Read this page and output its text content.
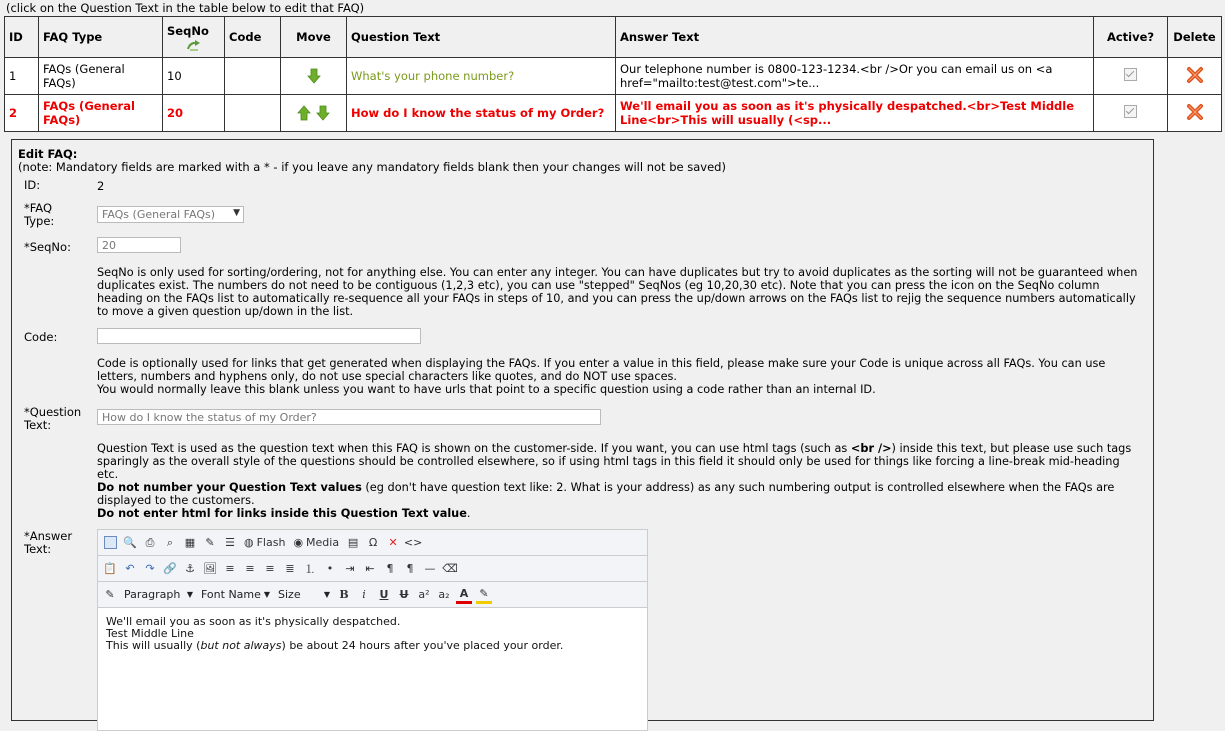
(click on the Question Text in the table below to edit that FAQ)
ID	FAQ Type	SeqNo	Code	Move	Question Text	Answer Text	Active?	Delete
1	FAQs (General FAQs)	10			What's your phone number?	Our telephone number is 0800-123-1234.<br />Or you can email us on <a href="mailto:test@test.com">te...		
2	FAQs (General FAQs)	20			How do I know the status of my Order?	We'll email you as soon as it's physically despatched.<br>Test Middle Line<br>This will usually (<sp...		
Edit FAQ:
(note: Mandatory fields are marked with a * - if you leave any mandatory fields blank then your changes will not be saved)
ID:	2
*FAQ Type:	FAQs (General FAQs) ▼
*SeqNo:	20
SeqNo is only used for sorting/ordering, not for anything else. You can enter any integer. You can have duplicates but try to avoid duplicates as the sorting will not be guaranteed when duplicates exist. The numbers do not need to be contiguous (1,2,3 etc), you can use "stepped" SeqNos (eg 10,20,30 etc). Note that you can press the icon on the SeqNo column heading on the FAQs list to automatically re-sequence all your FAQs in steps of 10, and you can press the up/down arrows on the FAQs list to rejig the sequence numbers automatically to move a given question up/down in the list.
Code:
Code is optionally used for links that get generated when displaying the FAQs. If you enter a value in this field, please make sure your Code is unique across all FAQs. You can use letters, numbers and hyphens only, do not use special characters like quotes, and do NOT use spaces.
You would normally leave this blank unless you want to have urls that point to a specific question using a code rather than an internal ID.
*Question Text:
How do I know the status of my Order?
Question Text is used as the question text when this FAQ is shown on the customer-side. If you want, you can use html tags (such as <br />) inside this text, but please use such tags sparingly as the overall style of the questions should be controlled elsewhere, so if using html tags in this field it should only be used for things like forcing a line-break mid-heading etc.
Do not number your Question Text values (eg don't have question text like: 2. What is your address) as any such numbering output is controlled elsewhere when the FAQs are displayed to the customers.
Do not enter html for links inside this Question Text value.
*Answer Text:	🔍 ⎙	⌕	▦ ✎ ☰ ◍ Flash ◉ Media ▤ Ω	✕ <>
📋 ↶ ↷ 🔗 ⚓ 🖼 ≡ ≡ ≡ ≣ ⒈	•	⇥ ⇤	¶	¶	— ⌫
✎ Paragraph ▼ Font Name ▼ Size	▼ B	i	U	U a² a₂ A	✎
We'll email you as soon as it's physically despatched.
Test Middle Line
This will usually (but not always) be about 24 hours after you've placed your order.
